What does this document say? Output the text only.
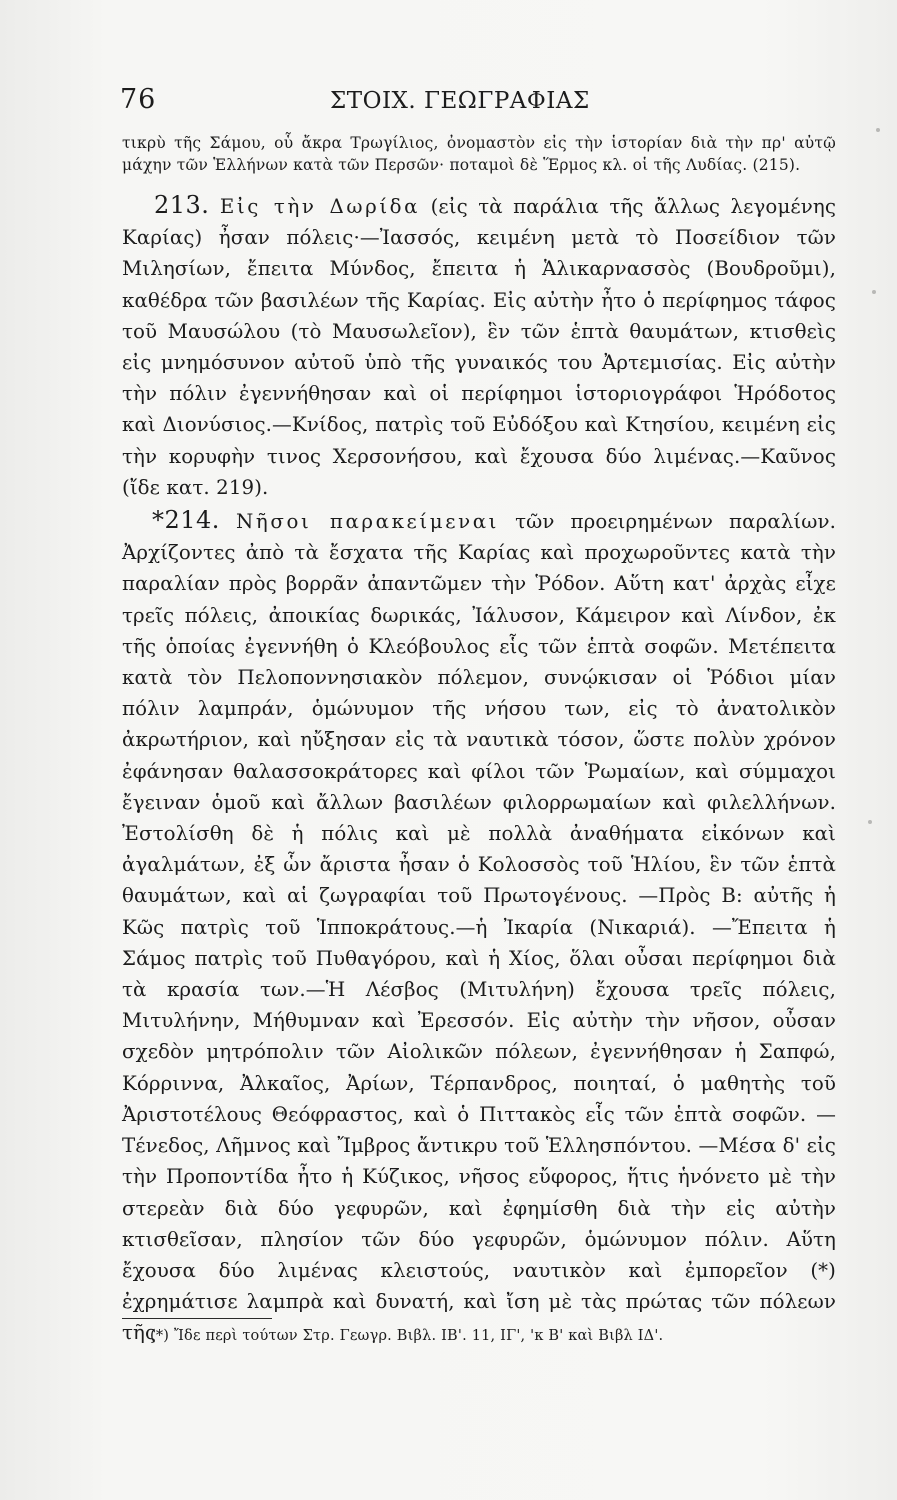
76	ΣΤΟΙΧ. ΓΕΩΓΡΑΦΙΑΣ

τικρὺ τῆς Σάμου, οὗ ἄκρα Τρωγίλιος, ὀνομαστὸν εἰς τὴν ἱστορίαν διὰ τὴν πρ' αὐτῷ μάχην τῶν Ἑλλήνων κατὰ τῶν Περσῶν· ποταμοὶ δὲ Ἕρμος κλ. οἱ τῆς Λυδίας. (215).

213. Εἰς τὴν Δωρίδα (εἰς τὰ παράλια τῆς ἄλλως λεγομένης Καρίας) ἦσαν πόλεις·—Ἰασσός, κειμένη μετὰ τὸ Ποσείδιον τῶν Μιλησίων, ἔπειτα Μύνδος, ἔπειτα ἡ Ἁλικαρνασσὸς (Βουδροῦμι), καθέδρα τῶν βασιλέων τῆς Καρίας. Εἰς αὐτὴν ἦτο ὁ περίφημος τάφος τοῦ Μαυσώλου (τὸ Μαυσωλεῖον), ἓν τῶν ἑπτὰ θαυμάτων, κτισθεὶς εἰς μνημόσυνον αὐτοῦ ὑπὸ τῆς γυναικός του Ἀρτεμισίας. Εἰς αὐτὴν τὴν πόλιν ἐγεννήθησαν καὶ οἱ περίφημοι ἱστοριογράφοι Ἡρόδοτος καὶ Διονύσιος.—Κνίδος, πατρὶς τοῦ Εὐδόξου καὶ Κτησίου, κειμένη εἰς τὴν κορυφὴν τινος Χερσονήσου, καὶ ἔχουσα δύο λιμένας.—Καῦνος (ἴδε κατ. 219).

*214. Νῆσοι παρακείμεναι τῶν προειρημένων παραλίων. Ἀρχίζοντες ἀπὸ τὰ ἔσχατα τῆς Καρίας καὶ προχωροῦντες κατὰ τὴν παραλίαν πρὸς βορρᾶν ἀπαντῶμεν τὴν Ῥόδον. Αὕτη κατ' ἀρχὰς εἶχε τρεῖς πόλεις, ἀποικίας δωρικάς, Ἰάλυσον, Κάμειρον καὶ Λίνδον, ἐκ τῆς ὁποίας ἐγεννήθη ὁ Κλεόβουλος εἷς τῶν ἑπτὰ σοφῶν. Μετέπειτα κατὰ τὸν Πελοποννησιακὸν πόλεμον, συνῴκισαν οἱ Ῥόδιοι μίαν πόλιν λαμπράν, ὁμώνυμον τῆς νήσου των, εἰς τὸ ἀνατολικὸν ἀκρωτήριον, καὶ ηὔξησαν εἰς τὰ ναυτικὰ τόσον, ὥστε πολὺν χρόνον ἐφάνησαν θαλασσοκράτορες καὶ φίλοι τῶν Ῥωμαίων, καὶ σύμμαχοι ἔγειναν ὁμοῦ καὶ ἄλλων βασιλέων φιλορρωμαίων καὶ φιλελλήνων. Ἐστολίσθη δὲ ἡ πόλις καὶ μὲ πολλὰ ἀναθήματα εἰκόνων καὶ ἀγαλμάτων, ἐξ ὧν ἄριστα ἦσαν ὁ Κολοσσὸς τοῦ Ἡλίου, ἓν τῶν ἑπτὰ θαυμάτων, καὶ αἱ ζωγραφίαι τοῦ Πρωτογένους. —Πρὸς Β: αὐτῆς ἡ Κῶς πατρὶς τοῦ Ἱπποκράτους.—ἡ Ἰκαρία (Νικαριά). —Ἔπειτα ἡ Σάμος πατρὶς τοῦ Πυθαγόρου, καὶ ἡ Χίος, ὅλαι οὖσαι περίφημοι διὰ τὰ κρασία των.—Ἡ Λέσβος (Μιτυλήνη) ἔχουσα τρεῖς πόλεις, Μιτυλήνην, Μήθυμναν καὶ Ἐρεσσόν. Εἰς αὐτὴν τὴν νῆσον, οὖσαν σχεδὸν μητρόπολιν τῶν Αἰολικῶν πόλεων, ἐγεννήθησαν ἡ Σαπφώ, Κόρριννα, Ἀλκαῖος, Ἀρίων, Τέρπανδρος, ποιηταί, ὁ μαθητὴς τοῦ Ἀριστοτέλους Θεόφραστος, καὶ ὁ Πιττακὸς εἷς τῶν ἑπτὰ σοφῶν. —Τένεδος, Λῆμνος καὶ Ἴμβρος ἄντικρυ τοῦ Ἑλλησπόντου. —Μέσα δ' εἰς τὴν Προποντίδα ἦτο ἡ Κύζικος, νῆσος εὔφορος, ἥτις ἡνόνετο μὲ τὴν στερεὰν διὰ δύο γεφυρῶν, καὶ ἐφημίσθη διὰ τὴν εἰς αὐτὴν κτισθεῖσαν, πλησίον τῶν δύο γεφυρῶν, ὁμώνυμον πόλιν. Αὕτη ἔχουσα δύο λιμένας κλειστούς, ναυτικὸν καὶ ἐμπορεῖον (*) ἐχρημάτισε λαμπρὰ καὶ δυνατή, καὶ ἴση μὲ τὰς πρώτας τῶν πόλεων τῆς

(*) Ἴδε περὶ τούτων Στρ. Γεωγρ. Βιβλ. ΙΒ'. 11, ΙΓ', 'κ Β' καὶ Βιβλ ΙΔ'.
